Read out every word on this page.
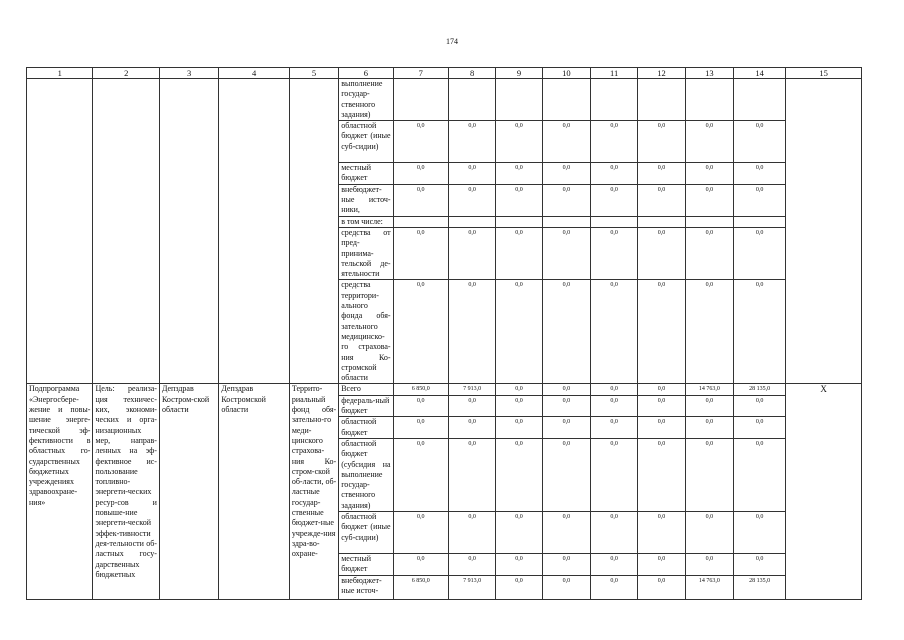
174
1	2	3	4	5	6	7	8	9	10	11	12	13	14	15
					выполнение государ-ственного задания)									
					областной бюджет (иные суб-сидии)	0,0	0,0	0,0	0,0	0,0	0,0	0,0	0,0	
					местный бюджет	0,0	0,0	0,0	0,0	0,0	0,0	0,0	0,0	
					внебюджет-ные источ-ники,	0,0	0,0	0,0	0,0	0,0	0,0	0,0	0,0	
					в том числе:									
					средства от пред-принима-тельской де-ятельности	0,0	0,0	0,0	0,0	0,0	0,0	0,0	0,0	
					средства территори-ального фонда обя-зательного медицинско-го страхова-ния Ко-стромской области	0,0	0,0	0,0	0,0	0,0	0,0	0,0	0,0	
Подпрограмма «Энергосбере-жение и повы-шение энерге-тической эф-фективности в областных го-сударственных бюджетных учреждениях здравоохране-ния»	Цель: реализа-ция техничес-ких, экономи-ческих и орга-низационных мер, направ-ленных на эф-фективное ис-пользование топливно-энергети-ческих ресур-сов и повыше-ние энергети-ческой эффек-тивности дея-тельности об-ластных госу-дарственных бюджетных	Депздрав Костром-ской области	Депздрав Костромской области	Террито-риальный фонд обя-зательно-го меди-цинского страхова-ния Ко-стром-ской об-ласти, об-ластные государ-ственные бюджет-ные учрежде-ния здра-во-охране-	Всего	6 850,0	7 913,0	0,0	0,0	0,0	0,0	14 763,0	28 135,0	X
					федераль-ный бюджет	0,0	0,0	0,0	0,0	0,0	0,0	0,0	0,0	
					областной бюджет	0,0	0,0	0,0	0,0	0,0	0,0	0,0	0,0	
					областной бюджет (субсидия на выполнение государ-ственного задания)	0,0	0,0	0,0	0,0	0,0	0,0	0,0	0,0	
					областной бюджет (иные суб-сидии)	0,0	0,0	0,0	0,0	0,0	0,0	0,0	0,0	
					местный бюджет	0,0	0,0	0,0	0,0	0,0	0,0	0,0	0,0	
					внебюджет-ные источ-	6 850,0	7 913,0	0,0	0,0	0,0	0,0	14 763,0	28 135,0	
